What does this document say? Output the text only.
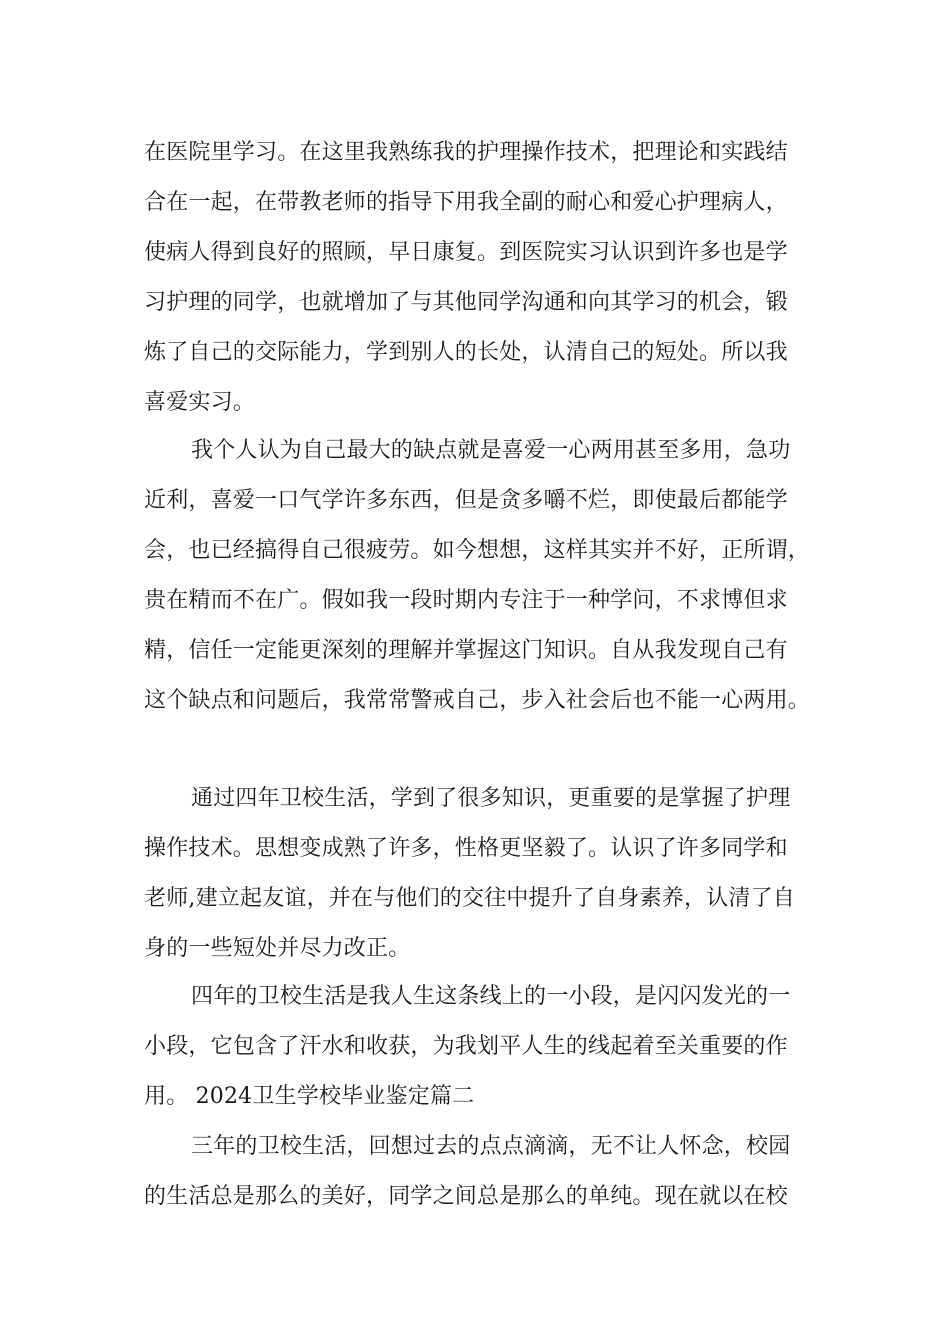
在医院里学习。在这里我熟练我的护理操作技术，把理论和实践结
合在一起，在带教老师的指导下用我全副的耐心和爱心护理病人，
使病人得到良好的照顾，早日康复。到医院实习认识到许多也是学
习护理的同学，也就增加了与其他同学沟通和向其学习的机会，锻
炼了自己的交际能力，学到别人的长处，认清自己的短处。所以我
喜爱实习。
我个人认为自己最大的缺点就是喜爱一心两用甚至多用，急功
近利，喜爱一口气学许多东西，但是贪多嚼不烂，即使最后都能学
会，也已经搞得自己很疲劳。如今想想，这样其实并不好，正所谓，
贵在精而不在广。假如我一段时期内专注于一种学问，不求博但求
精，信任一定能更深刻的理解并掌握这门知识。自从我发现自己有
这个缺点和问题后，我常常警戒自己，步入社会后也不能一心两用。
通过四年卫校生活，学到了很多知识，更重要的是掌握了护理
操作技术。思想变成熟了许多，性格更坚毅了。认识了许多同学和
老师,建立起友谊，并在与他们的交往中提升了自身素养，认清了自
身的一些短处并尽力改正。
四年的卫校生活是我人生这条线上的一小段，是闪闪发光的一
小段，它包含了汗水和收获，为我划平人生的线起着至关重要的作
用。 2024卫生学校毕业鉴定篇二
三年的卫校生活，回想过去的点点滴滴，无不让人怀念，校园
的生活总是那么的美好，同学之间总是那么的单纯。现在就以在校
